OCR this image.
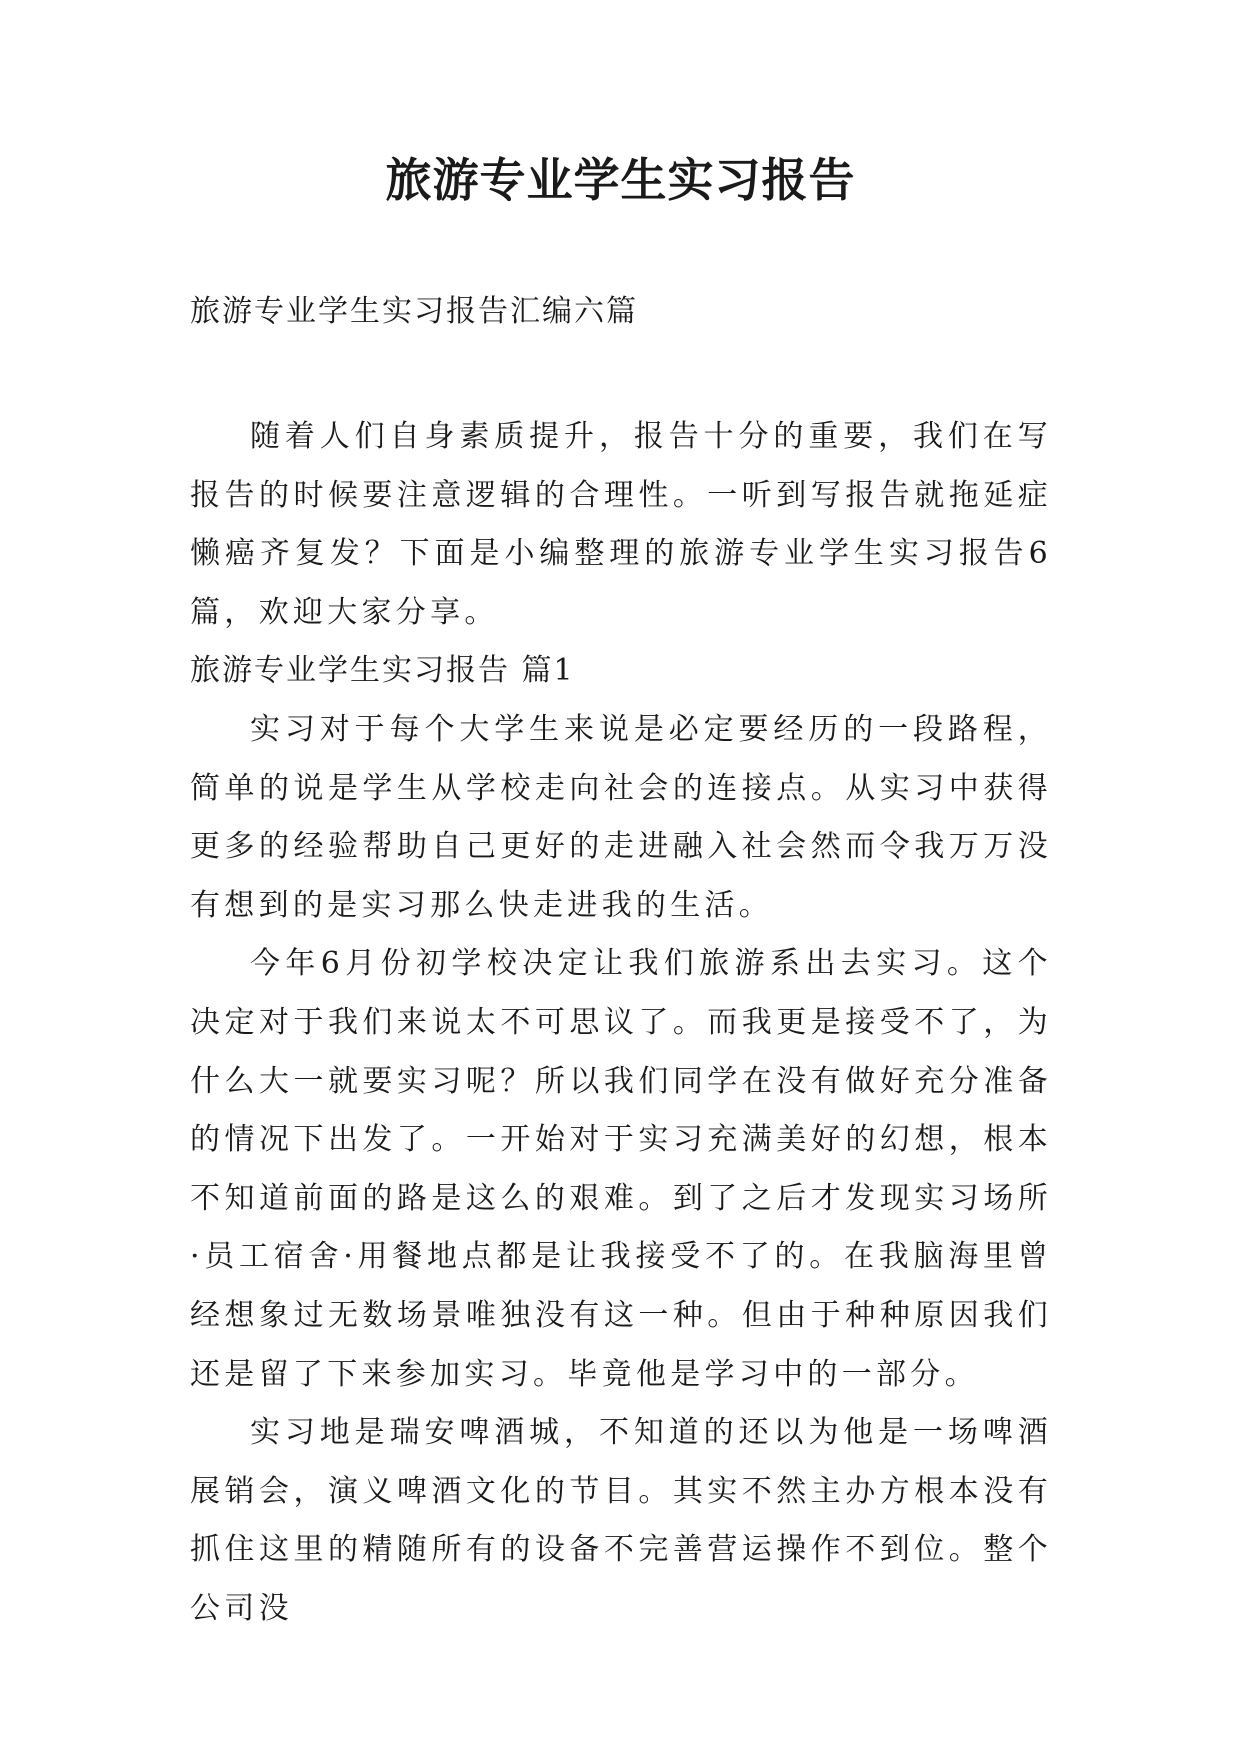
旅游专业学生实习报告
旅游专业学生实习报告汇编六篇

随着人们自身素质提升，报告十分的重要，我们在写报告的时候要注意逻辑的合理性。一听到写报告就拖延症懒癌齐复发？下面是小编整理的旅游专业学生实习报告6篇，欢迎大家分享。

旅游专业学生实习报告 篇1

实习对于每个大学生来说是必定要经历的一段路程，简单的说是学生从学校走向社会的连接点。从实习中获得更多的经验帮助自己更好的走进融入社会然而令我万万没有想到的是实习那么快走进我的生活。

今年6月份初学校决定让我们旅游系出去实习。这个决定对于我们来说太不可思议了。而我更是接受不了，为什么大一就要实习呢？所以我们同学在没有做好充分准备的情况下出发了。一开始对于实习充满美好的幻想，根本不知道前面的路是这么的艰难。到了之后才发现实习场所·员工宿舍·用餐地点都是让我接受不了的。在我脑海里曾经想象过无数场景唯独没有这一种。但由于种种原因我们还是留了下来参加实习。毕竟他是学习中的一部分。

实习地是瑞安啤酒城，不知道的还以为他是一场啤酒展销会，演义啤酒文化的节目。其实不然主办方根本没有抓住这里的精随所有的设备不完善营运操作不到位。整个公司没
